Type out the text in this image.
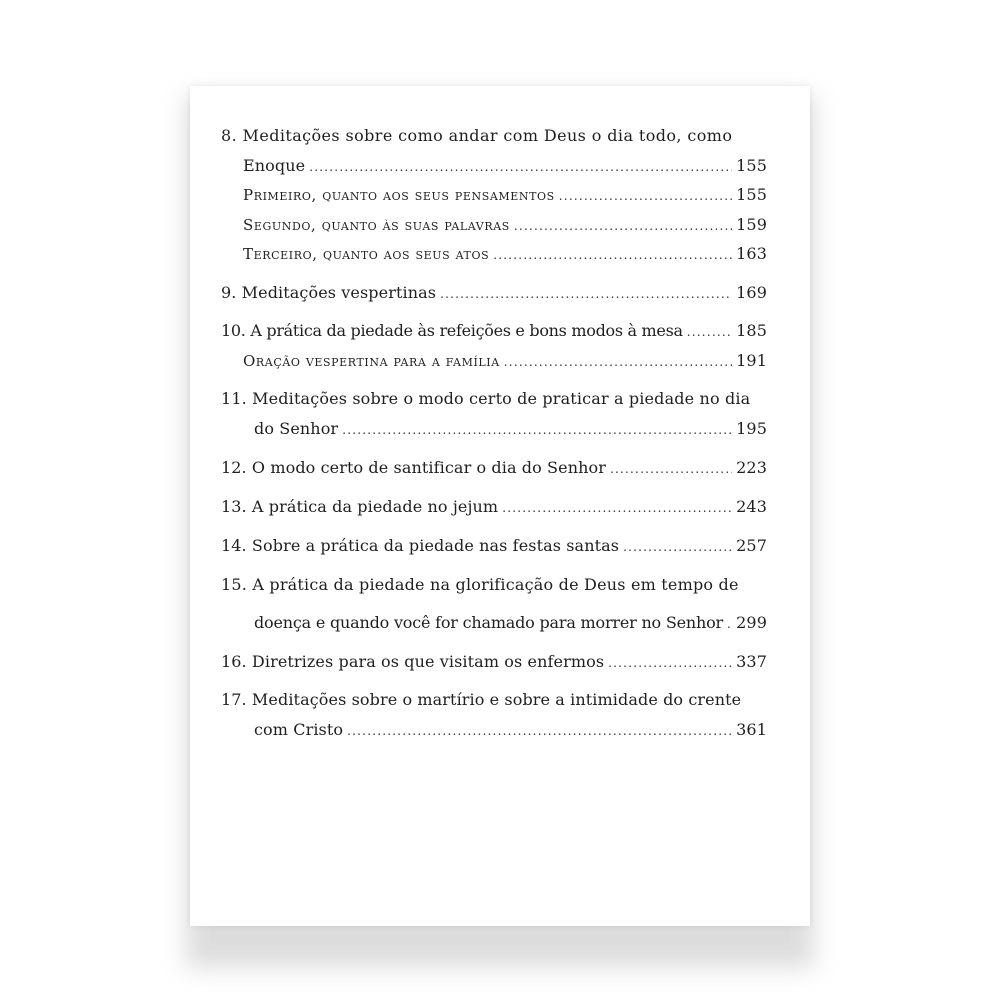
8. Meditações sobre como andar com Deus o dia todo, como
Enoque .....	155
Primeiro, quanto aos seus pensamentos .....	155
Segundo, quanto às suas palavras .....	159
Terceiro, quanto aos seus atos .....	163
9. Meditações vespertinas .....	169
10. A prática da piedade às refeições e bons modos à mesa .....	185
Oração vespertina para a família .....	191
11. Meditações sobre o modo certo de praticar a piedade no dia
do Senhor .....	195
12. O modo certo de santificar o dia do Senhor .....	223
13. A prática da piedade no jejum .....	243
14. Sobre a prática da piedade nas festas santas .....	257
15. A prática da piedade na glorificação de Deus em tempo de
doença e quando você for chamado para morrer no Senhor ..... 299
16. Diretrizes para os que visitam os enfermos .....	337
17. Meditações sobre o martírio e sobre a intimidade do crente
com Cristo .....	361
